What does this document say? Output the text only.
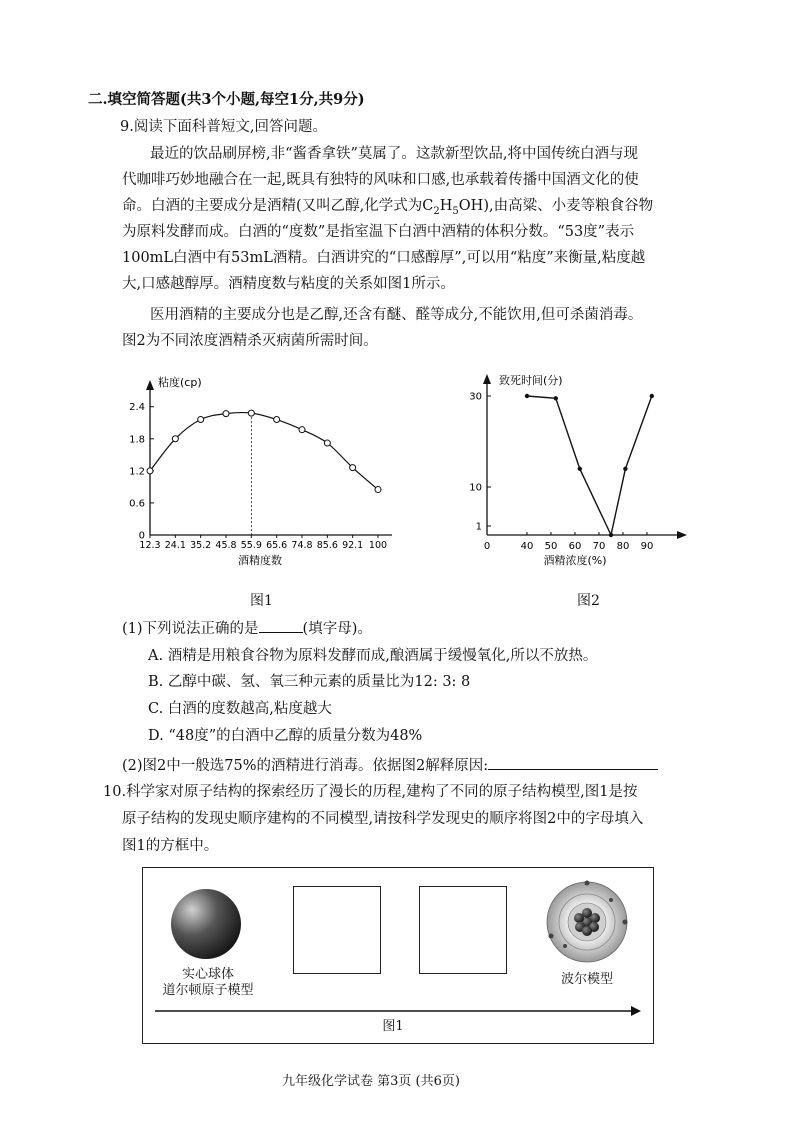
二.填空简答题(共3个小题,每空1分,共9分)
9.阅读下面科普短文,回答问题。
最近的饮品刷屏榜,非“酱香拿铁”莫属了。这款新型饮品,将中国传统白酒与现
代咖啡巧妙地融合在一起,既具有独特的风味和口感,也承载着传播中国酒文化的使
命。白酒的主要成分是酒精(又叫乙醇,化学式为$C_2H_5OH$),由高粱、小麦等粮食谷物
为原料发酵而成。白酒的“度数”是指室温下白酒中酒精的体积分数。“53度”表示
100mL白酒中有53mL酒精。白酒讲究的“口感醇厚”,可以用“粘度”来衡量,粘度越
大,口感越醇厚。酒精度数与粘度的关系如图1所示。
医用酒精的主要成分也是乙醇,还含有醚、醛等成分,不能饮用,但可杀菌消毒。
图2为不同浓度酒精杀灭病菌所需时间。
粘度(cp)
0
0.6
1.2
1.8
2.4
12.3 24.1 35.2 45.8 55.9 65.6 74.8 85.6 92.1 100
酒精度数
致死时间(分)
1
10
30
0	40 50 60 70 80 90
酒精浓度(%)
图1	图2
(1)下列说法正确的是	(填字母)。
A. 酒精是用粮食谷物为原料发酵而成,酿酒属于缓慢氧化,所以不放热。
B. 乙醇中碳、氢、氧三种元素的质量比为12: 3: 8
C. 白酒的度数越高,粘度越大
D. “48度”的白酒中乙醇的质量分数为48%
(2)图2中一般选75%的酒精进行消毒。依据图2解释原因:
10.科学家对原子结构的探索经历了漫长的历程,建构了不同的原子结构模型,图1是按
原子结构的发现史顺序建构的不同模型,请按科学发现史的顺序将图2中的字母填入
图1的方框中。
实心球体
道尔顿原子模型
波尔模型
图1
九年级化学试卷 第3页 (共6页)
